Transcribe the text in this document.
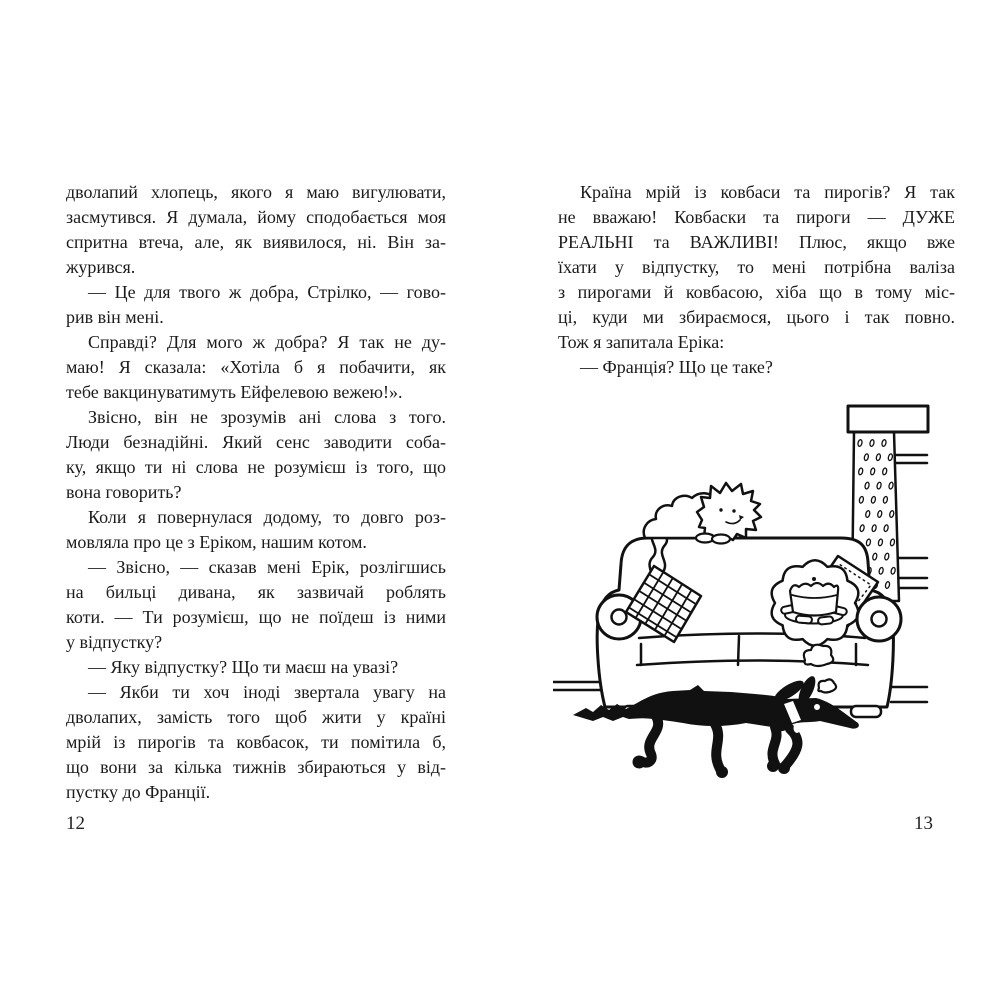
дволапий хлопець, якого я маю вигулювати,
засмутився. Я думала, йому сподобається моя
спритна втеча, але, як виявилося, ні. Він за-
журився.
— Це для твого ж добра, Стрілко, — гово-
рив він мені.
Справді? Для мого ж добра? Я так не ду-
маю! Я сказала: «Хотіла б я побачити, як
тебе вакцинуватимуть Ейфелевою вежею!».
Звісно, він не зрозумів ані слова з того.
Люди безнадійні. Який сенс заводити соба-
ку, якщо ти ні слова не розумієш із того, що
вона говорить?
Коли я повернулася додому, то довго роз-
мовляла про це з Еріком, нашим котом.
— Звісно, — сказав мені Ерік, розлігшись
на бильці дивана, як зазвичай роблять
коти. — Ти розумієш, що не поїдеш із ними
у відпустку?
— Яку відпустку? Що ти маєш на увазі?
— Якби ти хоч іноді звертала увагу на
дволапих, замість того щоб жити у країні
мрій із пирогів та ковбасок, ти помітила б,
що вони за кілька тижнів збираються у від-
пустку до Франції.
Країна мрій із ковбаси та пирогів? Я так
не вважаю! Ковбаски та пироги — ДУЖЕ
РЕАЛЬНІ та ВАЖЛИВІ! Плюс, якщо вже
їхати у відпустку, то мені потрібна валіза
з пирогами й ковбасою, хіба що в тому міс-
ці, куди ми збираємося, цього і так повно.
Тож я запитала Еріка:
— Франція? Що це таке?
12	13
